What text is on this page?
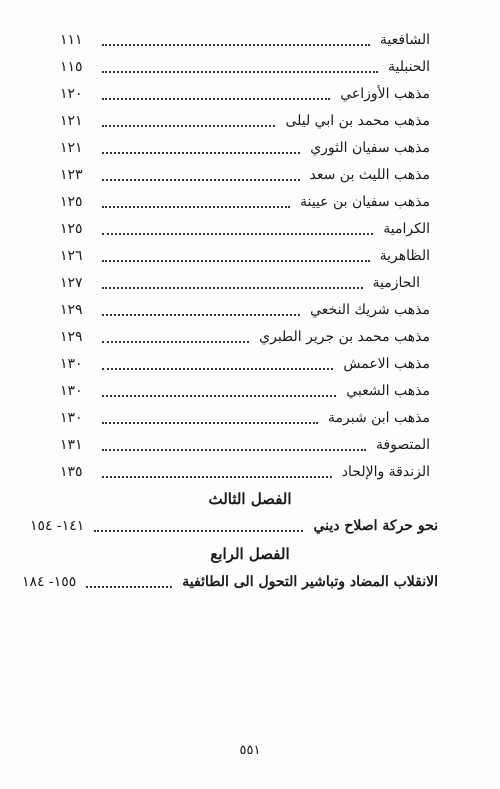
الشافعية
١١١
الحنبلية
١١٥
مذهب الأوزاعي
١٢٠
مذهب محمد بن ابي ليلى
١٢١
مذهب سفيان الثوري
١٢١
مذهب الليث بن سعد
١٢٣
مذهب سفيان بن عيينة
١٢٥
الكرامية
١٢٥
الظاهرية
١٢٦
الحازمية
١٢٧
مذهب شريك النخعي
١٢٩
مذهب محمد بن جرير الطبري
١٢٩
مذهب الاعمش
١٣٠
مذهب الشعبي
١٣٠
مذهب ابن شبرمة
١٣٠
المتصوفة
١٣١
الزندقة والإلحاد
١٣٥
الفصل الثالث
نحو حركة اصلاح ديني
١٤١- ١٥٤
الفصل الرابع
الانقلاب المضاد وتباشير التحول الى الطائفية
١٥٥- ١٨٤
٥٥١
